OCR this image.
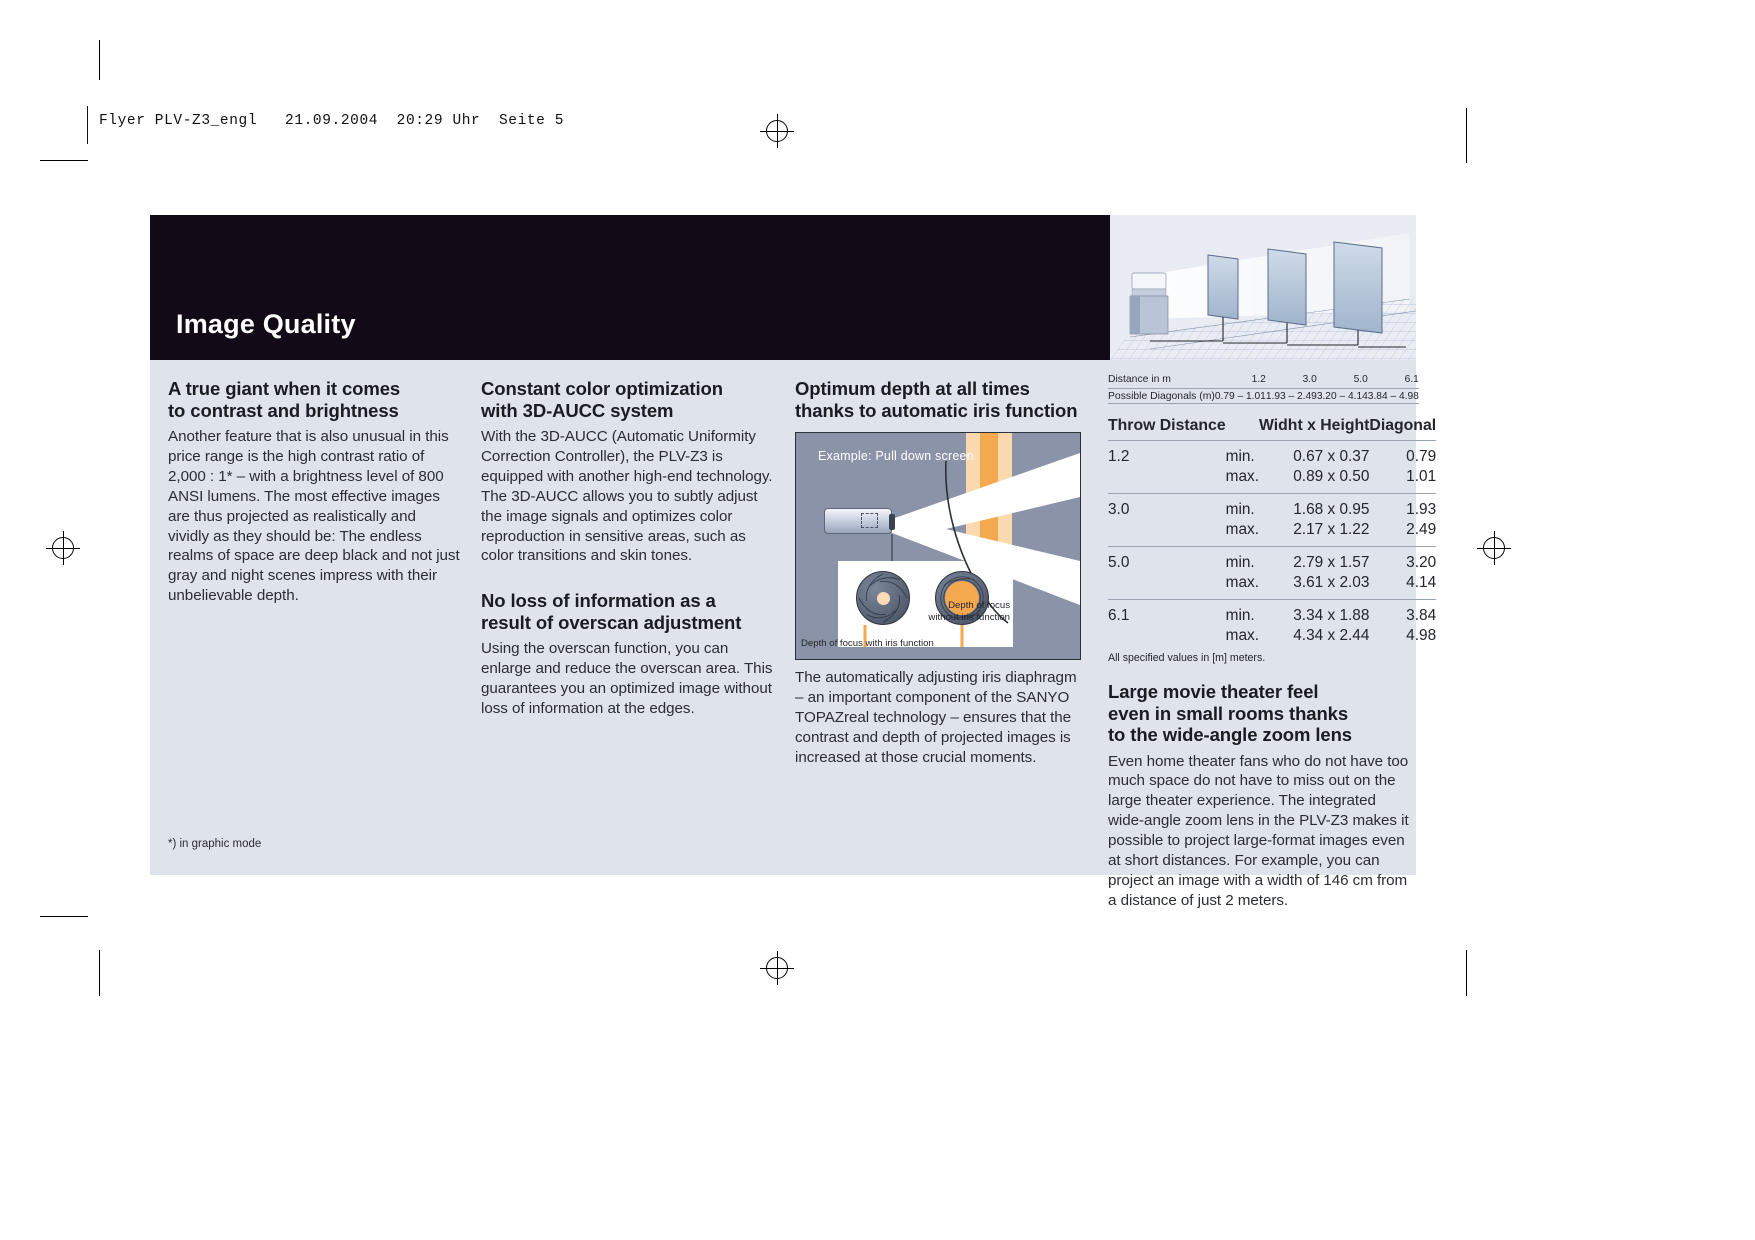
Flyer PLV-Z3_engl   21.09.2004  20:29 Uhr  Seite 5
Image Quality
A true giant when it comes
to contrast and brightness

Another feature that is also unusual in this price range is the high contrast ratio of 2,000 : 1* – with a brightness level of 800 ANSI lumens. The most effective images are thus projected as realistically and vividly as they should be: The endless realms of space are deep black and not just gray and night scenes impress with their unbelievable depth.

Constant color optimization
with 3D-AUCC system

With the 3D-AUCC (Automatic Uniformity Correction Controller), the PLV-Z3 is equipped with another high-end technology. The 3D-AUCC allows you to subtly adjust the image signals and optimizes color reproduction in sensitive areas, such as color transitions and skin tones.

No loss of information as a
result of overscan adjustment

Using the overscan function, you can enlarge and reduce the overscan area. This guarantees you an optimized image without loss of information at the edges.

Optimum depth at all times
thanks to automatic iris function
Example: Pull down screen
Depth of focus
without iris function
Depth of focus with iris function

The automatically adjusting iris diaphragm – an important component of the SANYO TOPAZreal technology – ensures that the contrast and depth of projected images is increased at those crucial moments.

Distance in m	1.2	3.0	5.0	6.1
Possible Diagonals (m)	0.79 – 1.01	1.93 – 2.49	3.20 – 4.14	3.84 – 4.98
Throw Distance		Widht x Height	Diagonal
1.2	min.	0.67 x 0.37	0.79
	max.	0.89 x 0.50	1.01
3.0	min.	1.68 x 0.95	1.93
	max.	2.17 x 1.22	2.49
5.0	min.	2.79 x 1.57	3.20
	max.	3.61 x 2.03	4.14
6.1	min.	3.34 x 1.88	3.84
	max.	4.34 x 2.44	4.98
All specified values in [m] meters.
Large movie theater feel
even in small rooms thanks
to the wide-angle zoom lens

Even home theater fans who do not have too much space do not have to miss out on the large theater experience. The integrated wide-angle zoom lens in the PLV-Z3 makes it possible to project large-format images even at short distances. For example, you can project an image with a width of 146 cm from a distance of just 2 meters.

*) in graphic mode
